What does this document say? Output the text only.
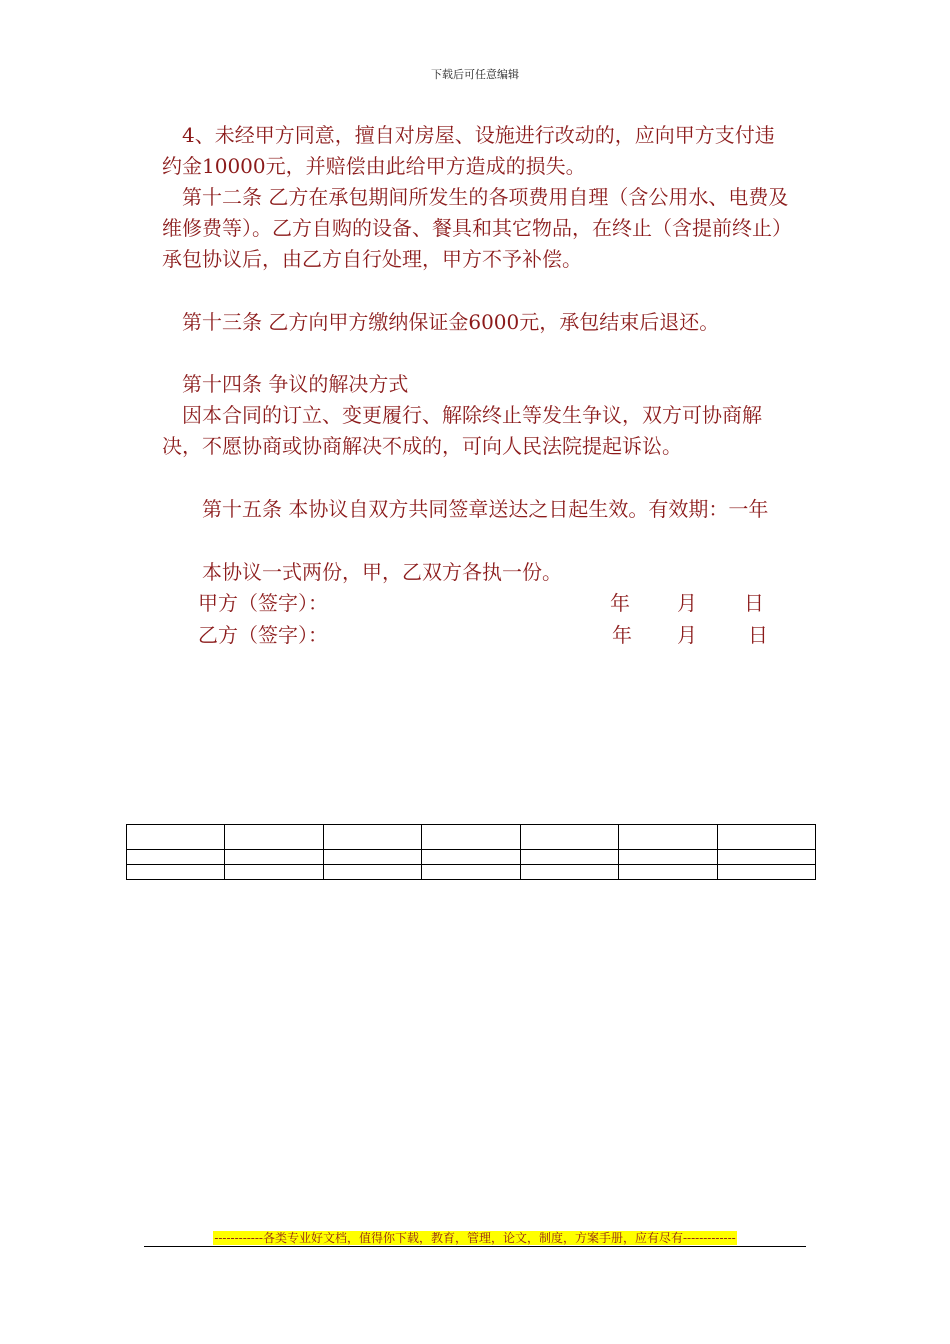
下载后可任意编辑

　4、未经甲方同意，擅自对房屋、设施进行改动的，应向甲方支付违约金10000元，并赔偿由此给甲方造成的损失。

　第十二条 乙方在承包期间所发生的各项费用自理（含公用水、电费及维修费等）。乙方自购的设备、餐具和其它物品，在终止（含提前终止）承包协议后，由乙方自行处理，甲方不予补偿。

　第十三条 乙方向甲方缴纳保证金6000元，承包结束后退还。

　第十四条 争议的解决方式

　因本合同的订立、变更履行、解除终止等发生争议，双方可协商解决，不愿协商或协商解决不成的，可向人民法院提起诉讼。

　　第十五条 本协议自双方共同签章送达之日起生效。有效期：一年

　　本协议一式两份，甲，乙双方各执一份。

甲方（签字）：	年 月 日
乙方（签字）：	年 月	日

------------各类专业好文档，值得你下载，教育，管理，论文，制度，方案手册，应有尽有-------------
